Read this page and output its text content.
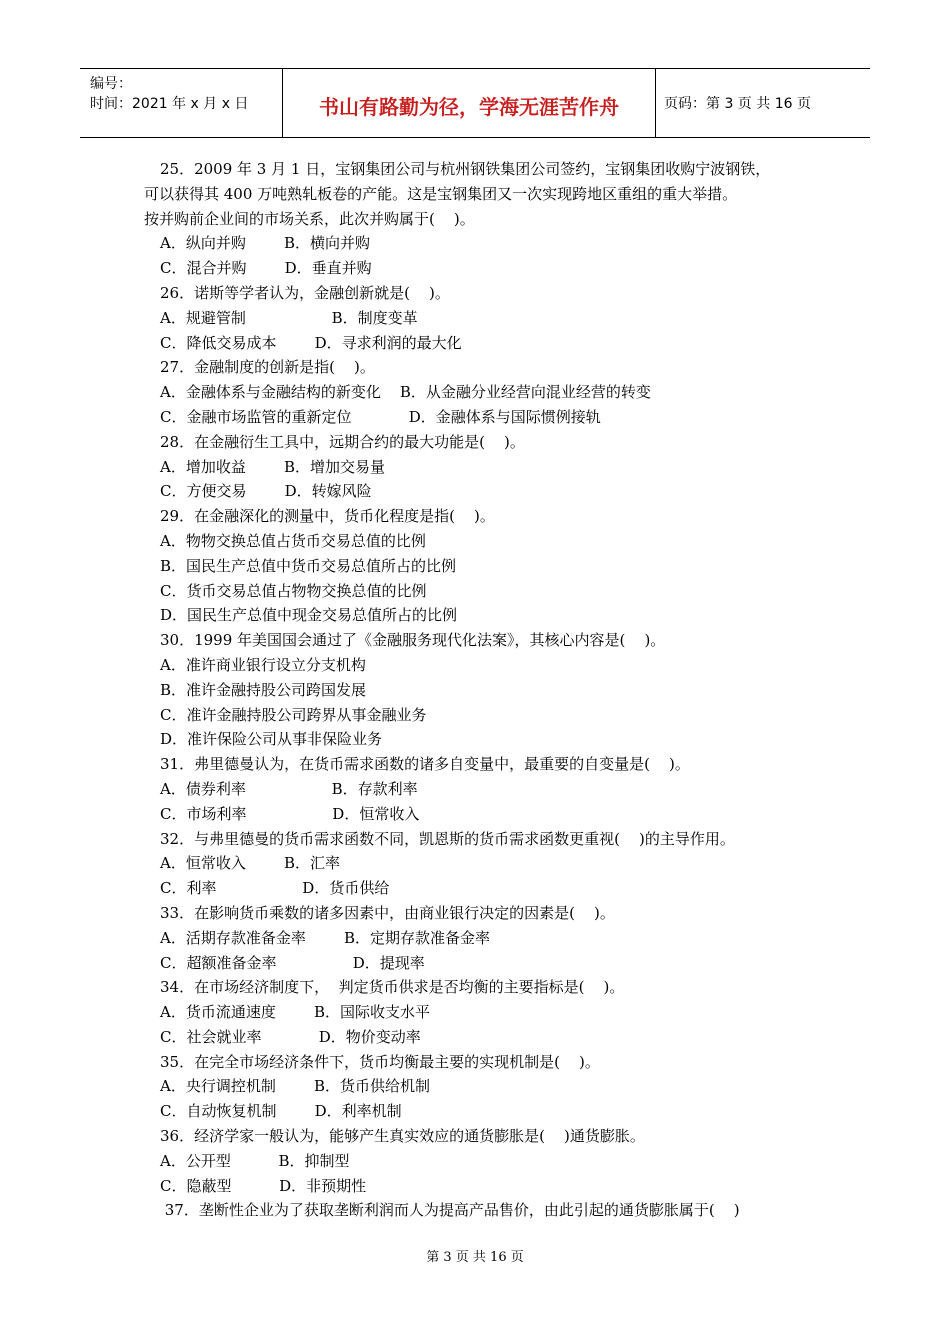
编号：
时间：2021 年 x 月 x 日	书山有路勤为径，学海无涯苦作舟	页码：第 3 页 共 16 页
25．2009 年 3 月 1 日，宝钢集团公司与杭州钢铁集团公司签约，宝钢集团收购宁波钢铁，
可以获得其 400 万吨熟轧板卷的产能。这是宝钢集团又一次实现跨地区重组的重大举措。
按并购前企业间的市场关系，此次并购属于(    )。
A．纵向并购        B．横向并购
C．混合并购        D．垂直并购
26．诺斯等学者认为，金融创新就是(    )。
A．规避管制                  B．制度变革
C．降低交易成本        D．寻求利润的最大化
27．金融制度的创新是指(    )。
A．金融体系与金融结构的新变化    B．从金融分业经营向混业经营的转变
C．金融市场监管的重新定位            D．金融体系与国际惯例接轨
28．在金融衍生工具中，远期合约的最大功能是(    )。
A．增加收益        B．增加交易量
C．方便交易        D．转嫁风险
29．在金融深化的测量中，货币化程度是指(    )。
A．物物交换总值占货币交易总值的比例
B．国民生产总值中货币交易总值所占的比例
C．货币交易总值占物物交换总值的比例
D．国民生产总值中现金交易总值所占的比例
30．1999 年美国国会通过了《金融服务现代化法案》，其核心内容是(    )。
A．准许商业银行设立分支机构
B．准许金融持股公司跨国发展
C．准许金融持股公司跨界从事金融业务
D．准许保险公司从事非保险业务
31．弗里德曼认为，在货币需求函数的诸多自变量中，最重要的自变量是(    )。
A．债券利率                  B．存款利率
C．市场利率                  D．恒常收入
32．与弗里德曼的货币需求函数不同，凯恩斯的货币需求函数更重视(    )的主导作用。
A．恒常收入        B．汇率
C．利率                  D．货币供给
33．在影响货币乘数的诸多因素中，由商业银行决定的因素是(    )。
A．活期存款准备金率        B．定期存款准备金率
C．超额准备金率                D．提现率
34．在市场经济制度下，  判定货币供求是否均衡的主要指标是(    )。
A．货币流通速度        B．国际收支水平
C．社会就业率            D．物价变动率
35．在完全市场经济条件下，货币均衡最主要的实现机制是(    )。
A．央行调控机制        B．货币供给机制
C．自动恢复机制        D．利率机制
36．经济学家一般认为，能够产生真实效应的通货膨胀是(    )通货膨胀。
A．公开型          B．抑制型
C．隐蔽型          D．非预期性
37．垄断性企业为了获取垄断利润而人为提高产品售价，由此引起的通货膨胀属于(    )
第 3 页 共 16 页
